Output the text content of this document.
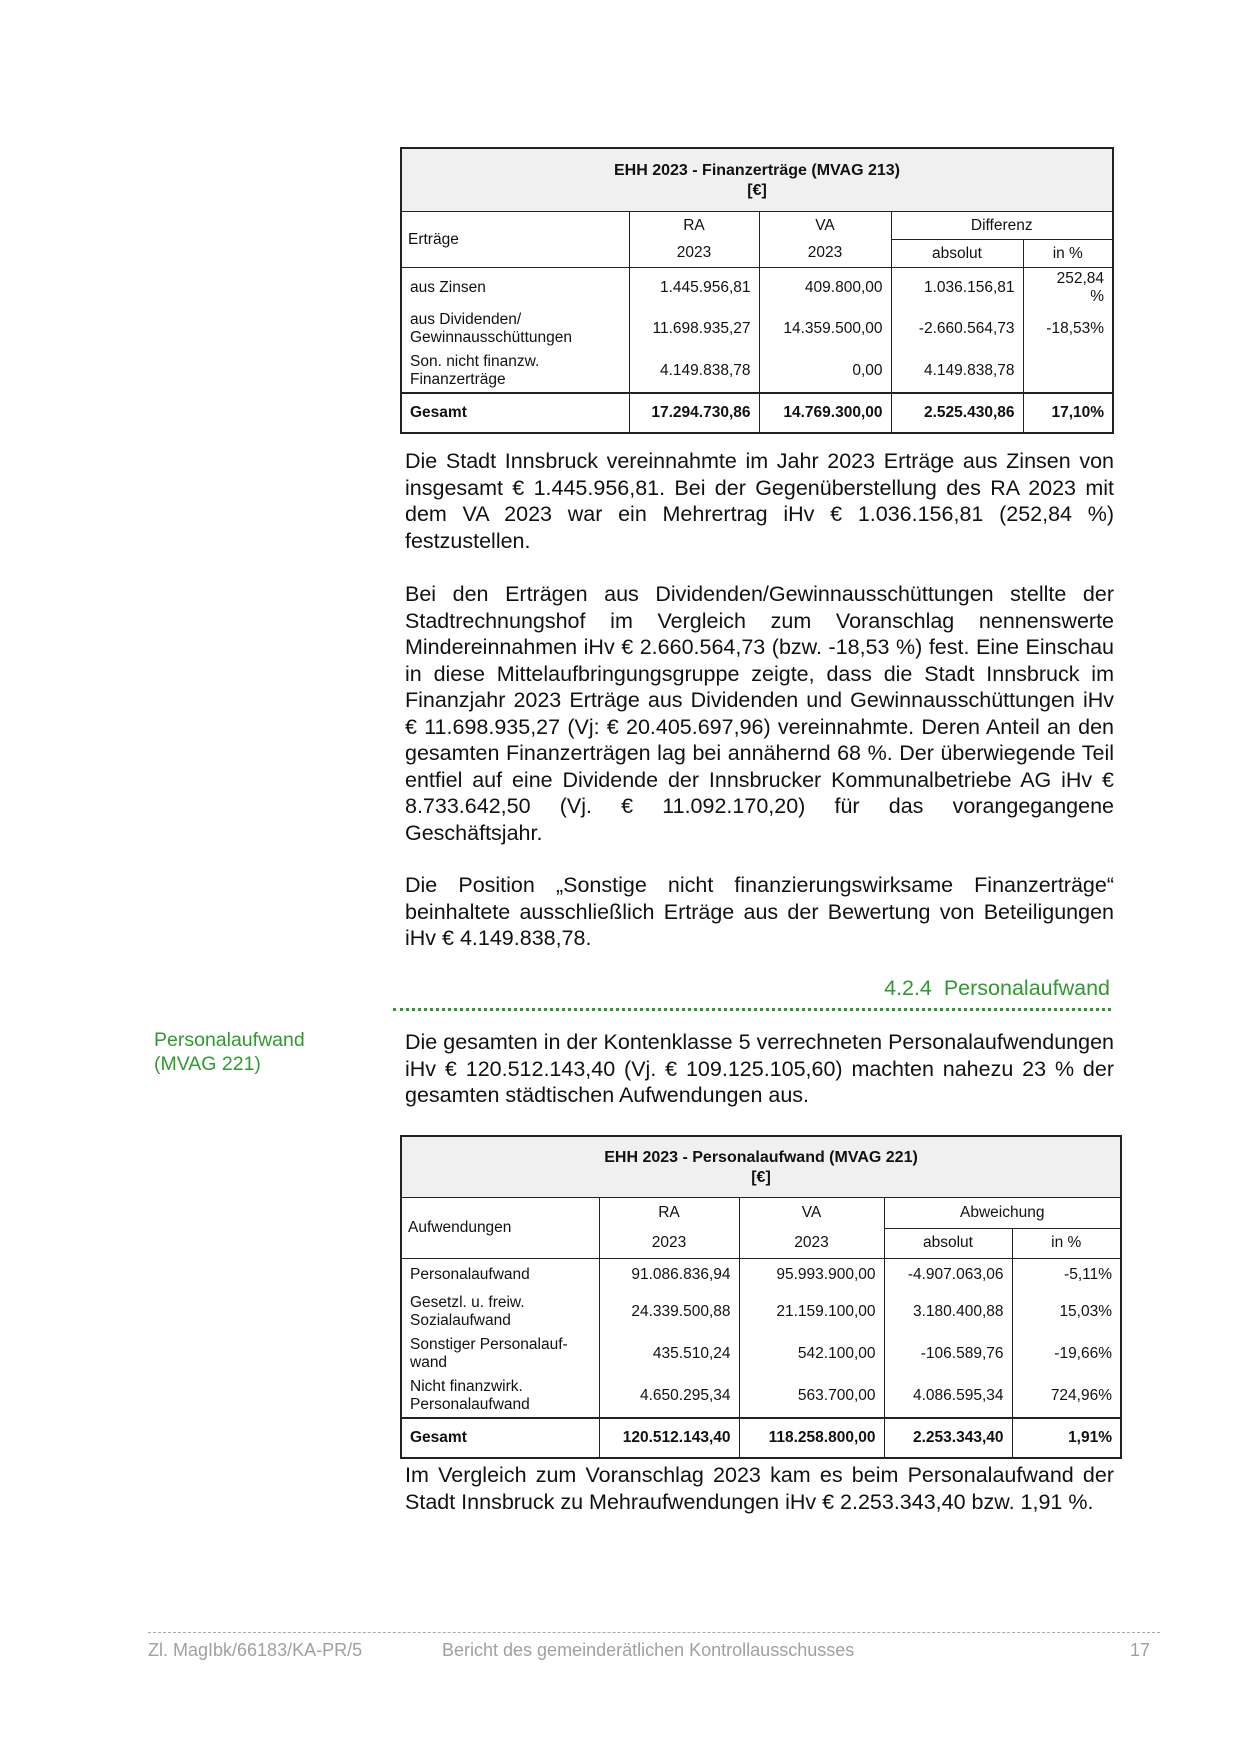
EHH 2023 - Finanzerträge (MVAG 213)
[€]				

Erträge	RA	VA	Differenz	
	2023	2023	absolut	in %
aus Zinsen	1.445.956,81	409.800,00	1.036.156,81	252,84
%

aus Dividenden/
Gewinnausschüttungen	11.698.935,27	14.359.500,00	-2.660.564,73	-18,53%

Son. nicht finanzw.
Finanzerträge	4.149.838,78	0,00	4.149.838,78	
Gesamt	17.294.730,86	14.769.300,00	2.525.430,86	17,10%

Die Stadt Innsbruck vereinnahmte im Jahr 2023 Erträge aus Zinsen von insgesamt € 1.445.956,81. Bei der Gegenüberstellung des RA 2023 mit dem VA 2023 war ein Mehrertrag iHv € 1.036.156,81 (252,84 %) festzustellen.

Bei den Erträgen aus Dividenden/Gewinnausschüttungen stellte der Stadtrechnungshof im Vergleich zum Voranschlag nennenswerte Mindereinnahmen iHv € 2.660.564,73 (bzw. -18,53 %) fest. Eine Einschau in diese Mittelaufbringungsgruppe zeigte, dass die Stadt Innsbruck im Finanzjahr 2023 Erträge aus Dividenden und Gewinnausschüttungen iHv € 11.698.935,27 (Vj: € 20.405.697,96) vereinnahmte. Deren Anteil an den gesamten Finanzerträgen lag bei annähernd 68 %. Der überwiegende Teil entfiel auf eine Dividende der Innsbrucker Kommunalbetriebe AG iHv € 8.733.642,50 (Vj. € 11.092.170,20) für das vorangegangene Geschäftsjahr.

Die Position „Sonstige nicht finanzierungswirksame Finanzerträge“ beinhaltete ausschließlich Erträge aus der Bewertung von Beteiligungen iHv € 4.149.838,78.

4.2.4 Personalaufwand
Personalaufwand
(MVAG 221)

Die gesamten in der Kontenklasse 5 verrechneten Personalaufwendungen iHv € 120.512.143,40 (Vj. € 109.125.105,60) machten nahezu 23 % der gesamten städtischen Aufwendungen aus.

EHH 2023 - Personalaufwand (MVAG 221)
[€]				

Aufwendungen	RA	VA	Abweichung	
	2023	2023	absolut	in %
Personalaufwand	91.086.836,94	95.993.900,00	-4.907.063,06	-5,11%

Gesetzl. u. freiw.
Sozialaufwand	24.339.500,88	21.159.100,00	3.180.400,88	15,03%

Sonstiger Personalauf-
wand	435.510,24	542.100,00	-106.589,76	-19,66%

Nicht finanzwirk.
Personalaufwand	4.650.295,34	563.700,00	4.086.595,34	724,96%
Gesamt	120.512.143,40	118.258.800,00	2.253.343,40	1,91%

Im Vergleich zum Voranschlag 2023 kam es beim Personalaufwand der Stadt Innsbruck zu Mehraufwendungen iHv € 2.253.343,40 bzw. 1,91 %.

Zl. MagIbk/66183/KA-PR/5	Bericht des gemeinderätlichen Kontrollausschusses	17
